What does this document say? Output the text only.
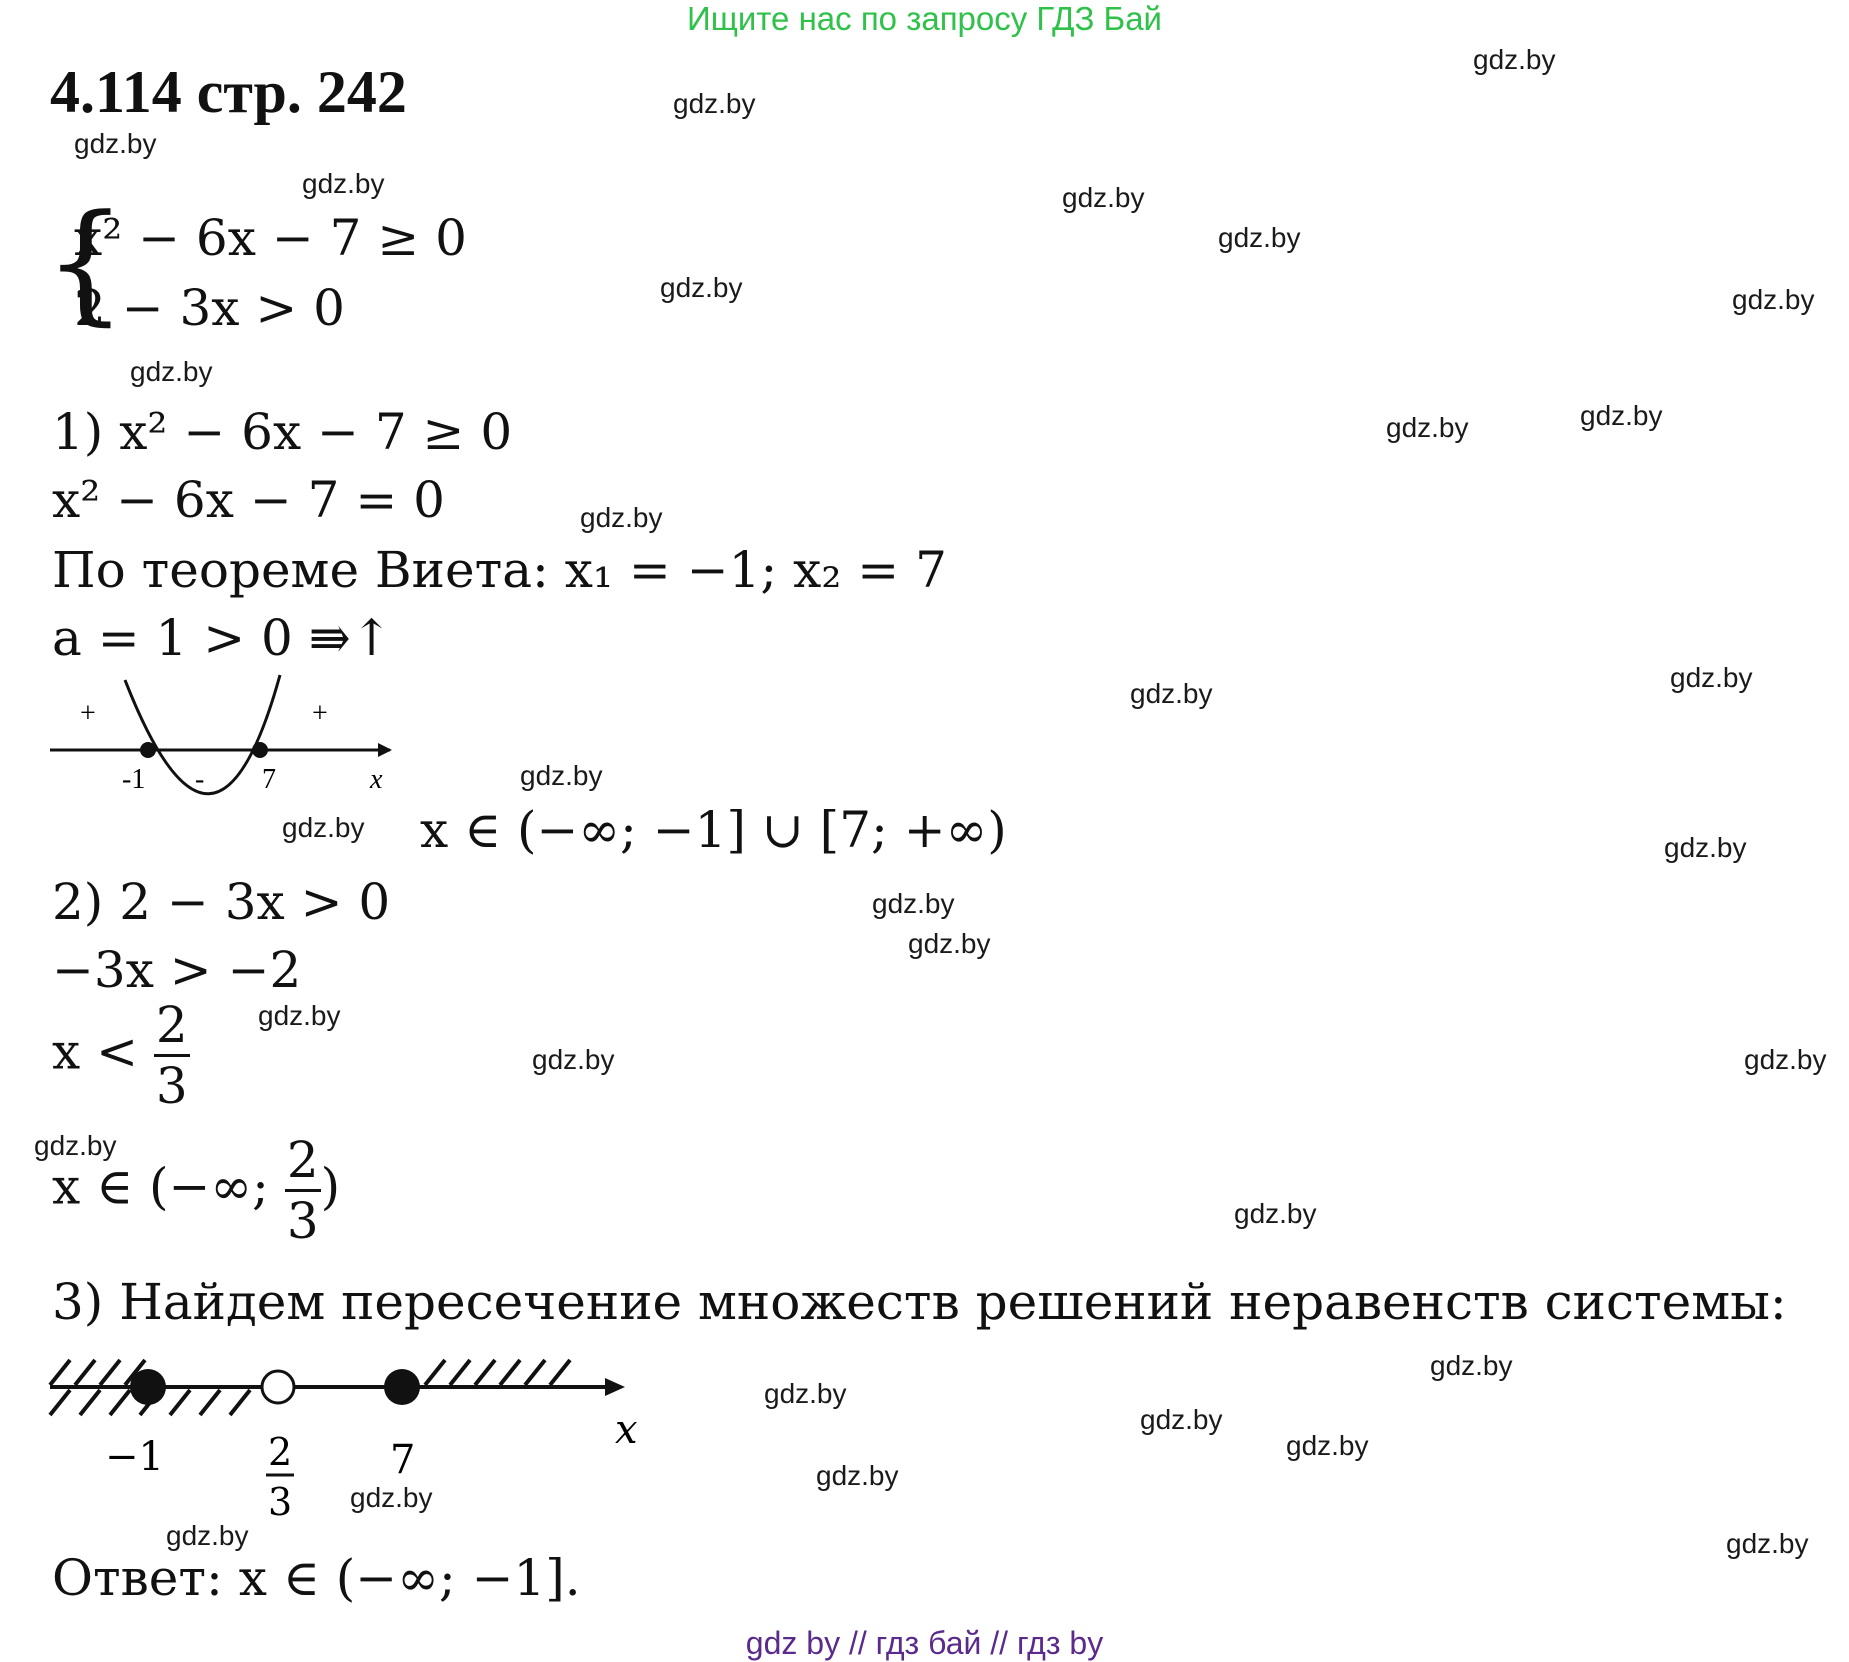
Ищите нас по запросу ГДЗ Бай
4.114 стр. 242
{
x² − 6x − 7 ≥ 0
2 − 3x > 0
1) x² − 6x − 7 ≥ 0
x² − 6x − 7 = 0
По теореме Виета: x₁ = −1; x₂ = 7
a = 1 > 0 ⇛↑
+	+
-
-1	7	x
x ∈ (−∞; −1] ∪ [7; +∞)
2) 2 − 3x > 0
−3x > −2
$x < \frac{2}{3}$
x ∈ (−∞; $\frac{2}{3}$ )
3) Найдем пересечение множеств решений неравенств системы:
−1	2
3
7
x
Ответ: x ∈ (−∞; −1].
gdz.by
gdz.by
gdz.by
gdz.by	gdz.by
gdz.by
gdz.by	gdz.by
gdz.by
gdz.by
gdz.by
gdz.by
gdz.by
gdz.by
gdz.by
gdz.by
gdz.by
gdz.by
gdz.by
gdz.by
gdz.by	gdz.by
gdz.by
gdz.by
gdz.by
gdz.by
gdz.by
gdz.by
gdz.by
gdz.by
gdz.by	gdz.by
gdz by // гдз бай // гдз by
